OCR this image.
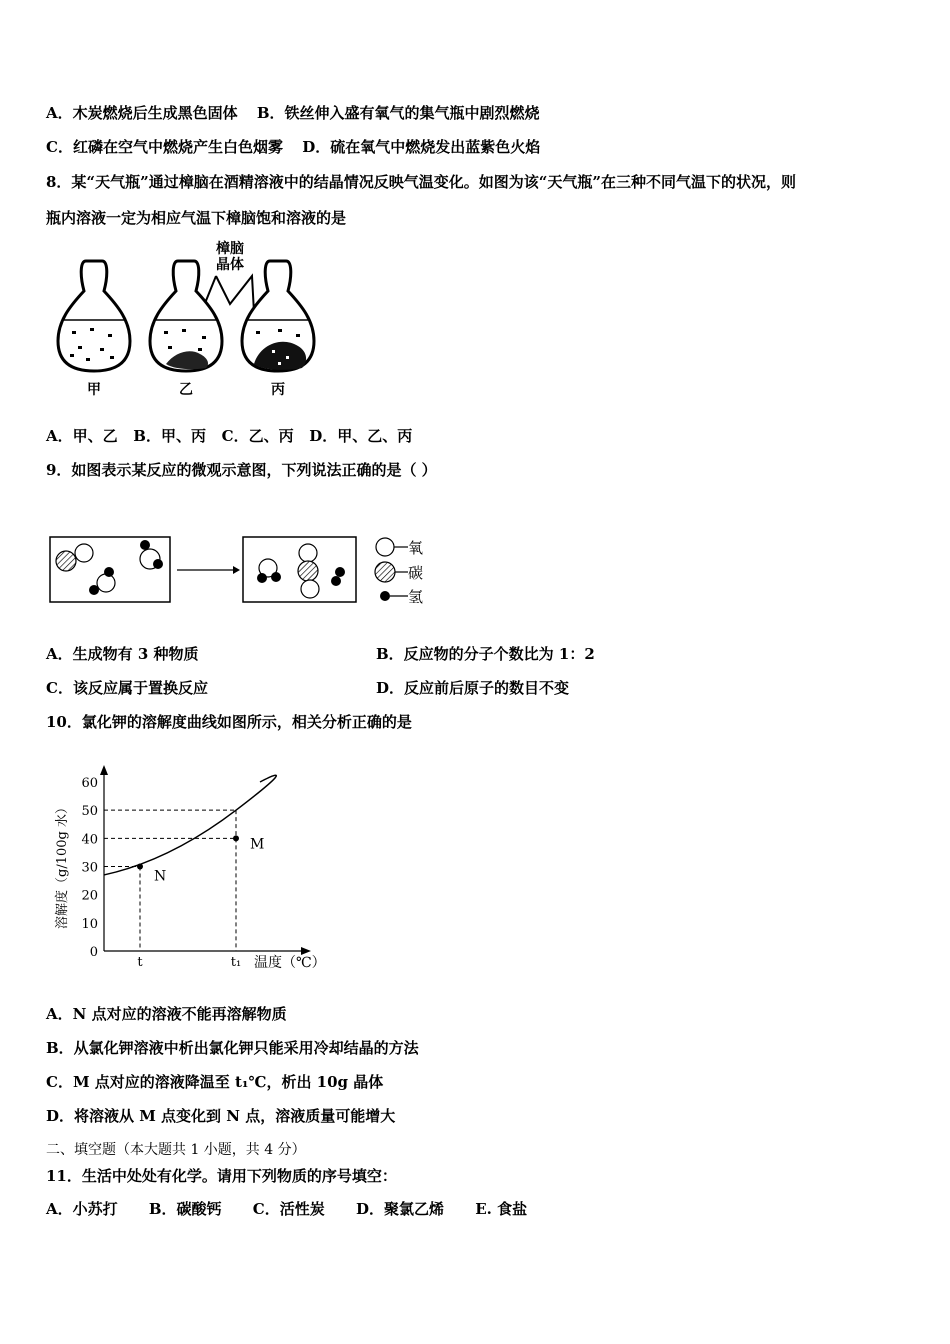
A．木炭燃烧后生成黑色固体 B．铁丝伸入盛有氧气的集气瓶中剧烈燃烧
C．红磷在空气中燃烧产生白色烟雾 D．硫在氧气中燃烧发出蓝紫色火焰
8．某“天气瓶”通过樟脑在酒精溶液中的结晶情况反映气温变化。如图为该“天气瓶”在三种不同气温下的状况，则
瓶内溶液一定为相应气温下樟脑饱和溶液的是
樟脑
晶体
甲	乙	丙
A．甲、乙   B．甲、丙   C．乙、丙   D．甲、乙、丙
9．如图表示某反应的微观示意图，下列说法正确的是（ ）
氧
碳
氢
A．生成物有 3 种物质	B．反应物的分子个数比为 1：2
C．该反应属于置换反应	D．反应前后原子的数目不变
10．氯化钾的溶解度曲线如图所示，相关分析正确的是
0
10
20
30
40
50
60
N
M
t	t₁ 温度（℃）
溶解度（g/100g 水）
A．N 点对应的溶液不能再溶解物质
B．从氯化钾溶液中析出氯化钾只能采用冷却结晶的方法
C．M 点对应的溶液降温至 t₁℃，析出 10g 晶体
D．将溶液从 M 点变化到 N 点，溶液质量可能增大
二、填空题（本大题共 1 小题，共 4 分）
11．生活中处处有化学。请用下列物质的序号填空：
A．小苏打 B．碳酸钙 C．活性炭 D．聚氯乙烯 E. 食盐
